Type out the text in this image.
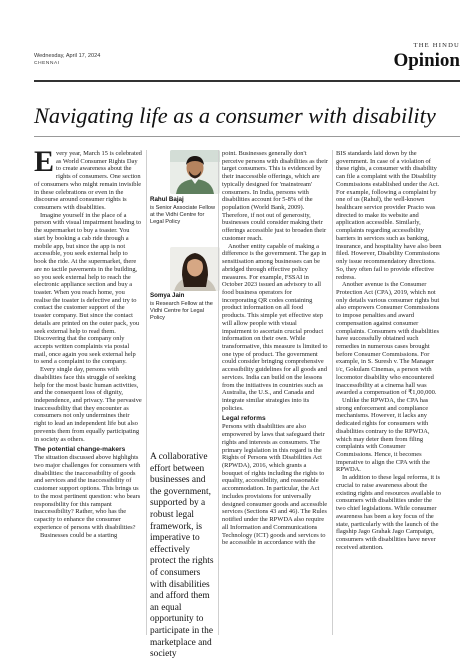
Wednesday, April 17, 2024
CHENNAI
THE HINDU
Opinion
Navigating life as a consumer with disability

Every year, March 15 is celebrated as World Consumer Rights Day to create awareness about the rights of consumers. One section of consumers who might remain invisible in these celebrations or even in the discourse around consumer rights is consumers with disabilities.

Imagine yourself in the place of a person with visual impairment heading to the supermarket to buy a toaster. You start by booking a cab ride through a mobile app, but since the app is not accessible, you seek external help to book the ride. At the supermarket, there are no tactile pavements in the building, so you seek external help to reach the electronic appliance section and buy a toaster. When you reach home, you realise the toaster is defective and try to contact the customer support of the toaster company. But since the contact details are printed on the outer pack, you seek external help to read them. Discovering that the company only accepts written complaints via postal mail, once again you seek external help to send a complaint to the company.

Every single day, persons with disabilities face this struggle of seeking help for the most basic human activities, and the consequent loss of dignity, independence, and privacy. The pervasive inaccessibility that they encounter as consumers not only undermines their right to lead an independent life but also prevents them from equally participating in society as others.

The potential change-makers

The situation discussed above highlights two major challenges for consumers with disabilities: the inaccessibility of goods and services and the inaccessibility of customer support options. This brings us to the most pertinent question: who bears responsibility for this rampant inaccessibility? Rather, who has the capacity to enhance the consumer experience of persons with disabilities?

Businesses could be a starting

Rahul Bajaj
is Senior Associate Fellow at the Vidhi Centre for Legal Policy
Somya Jain
is Research Fellow at the Vidhi Centre for Legal Policy
A collaborative effort between businesses and the government, supported by a robust legal framework, is imperative to effectively protect the rights of consumers with disabilities and afford them an equal opportunity to participate in the marketplace and society

point. Businesses generally don't perceive persons with disabilities as their target consumers. This is evidenced by their inaccessible offerings, which are typically designed for 'mainstream' consumers. In India, persons with disabilities account for 5-8% of the population (World Bank, 2009). Therefore, if not out of generosity, businesses could consider making their offerings accessible just to broaden their customer reach.

Another entity capable of making a difference is the government. The gap in sensitisation among businesses can be abridged through effective policy measures. For example, FSSAI in October 2023 issued an advisory to all food business operators for incorporating QR codes containing product information on all food products. This simple yet effective step will allow people with visual impairment to ascertain crucial product information on their own. While transformative, this measure is limited to one type of product. The government could consider bringing comprehensive accessibility guidelines for all goods and services. India can build on the lessons from the initiatives in countries such as Australia, the U.S., and Canada and integrate similar strategies into its policies.

Legal reforms

Persons with disabilities are also empowered by laws that safeguard their rights and interests as consumers. The primary legislation in this regard is the Rights of Persons with Disabilities Act (RPWDA), 2016, which grants a bouquet of rights including the rights to equality, accessibility, and reasonable accommodation. In particular, the Act includes provisions for universally designed consumer goods and accessible services (Sections 43 and 46). The Rules notified under the RPWDA also require all Information and Communications Technology (ICT) goods and services to be accessible in accordance with the

BIS standards laid down by the government. In case of a violation of these rights, a consumer with disability can file a complaint with the Disability Commissions established under the Act. For example, following a complaint by one of us (Rahul), the well-known healthcare service provider Practo was directed to make its website and application accessible. Similarly, complaints regarding accessibility barriers in services such as banking, insurance, and hospitality have also been filed. However, Disability Commissions only issue recommendatory directions. So, they often fail to provide effective redress.

Another avenue is the Consumer Protection Act (CPA), 2019, which not only details various consumer rights but also empowers Consumer Commissions to impose penalties and award compensation against consumer complaints. Consumers with disabilities have successfully obtained such remedies in numerous cases brought before Consumer Commissions. For example, in S. Suresh v. The Manager i/c, Gokulam Cinemas, a person with locomotor disability who encountered inaccessibility at a cinema hall was awarded a compensation of ₹1,00,000.

Unlike the RPWDA, the CPA has strong enforcement and compliance mechanisms. However, it lacks any dedicated rights for consumers with disabilities contrary to the RPWDA, which may deter them from filing complaints with Consumer Commissions. Hence, it becomes imperative to align the CPA with the RPWDA.

In addition to these legal reforms, it is crucial to raise awareness about the existing rights and resources available to consumers with disabilities under the two chief legislations. While consumer awareness has been a key focus of the state, particularly with the launch of the flagship Jago Grahak Jago Campaign, consumers with disabilities have never received attention.
